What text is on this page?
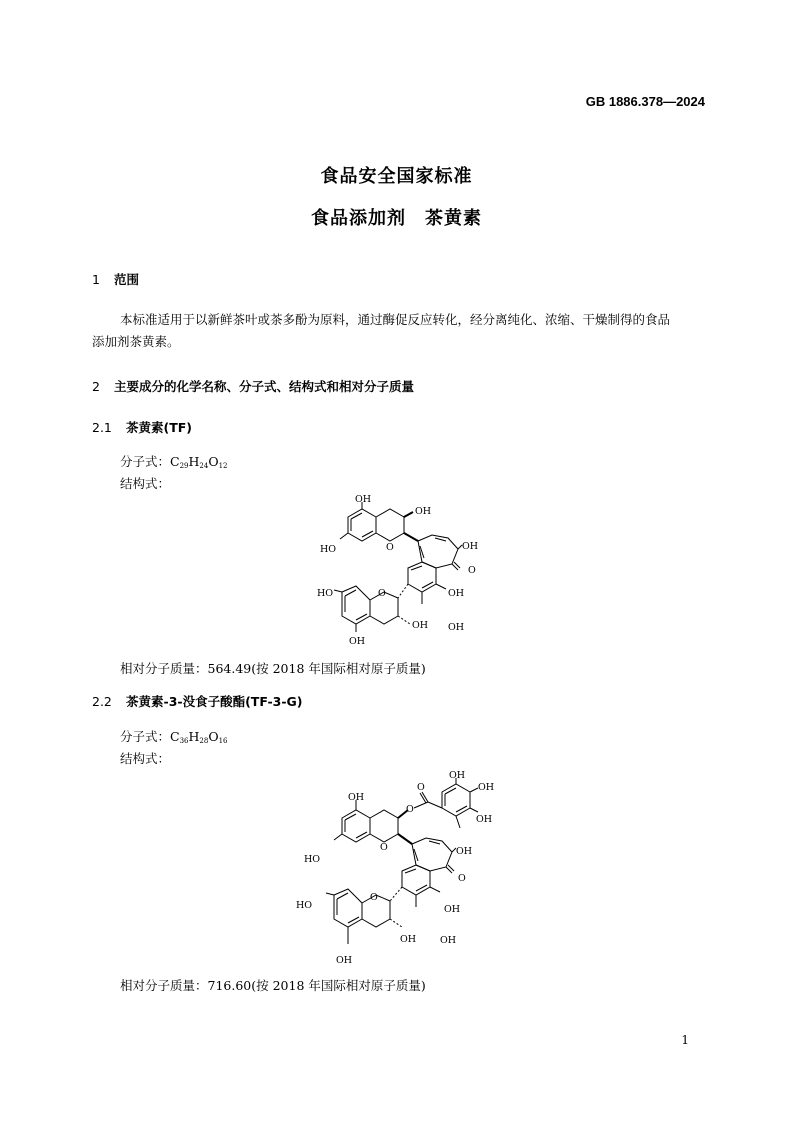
GB 1886.378—2024
食品安全国家标准
食品添加剂　茶黄素
1 范围
本标准适用于以新鲜茶叶或茶多酚为原料，通过酶促反应转化，经分离纯化、浓缩、干燥制得的食品
添加剂茶黄素。
2 主要成分的化学名称、分子式、结构式和相对分子质量
2.1 茶黄素(TF)
分子式：$C_{29}H_{24}O_{12}$
结构式：
OH
OH
HO	O	OH
O
OH
HO	O
OH OH
OH
相对分子质量：564.49(按 2018 年国际相对原子质量)
2.2 茶黄素-3-没食子酸酯(TF-3-G)
分子式：$C_{36}H_{28}O_{16}$
结构式：
OH
OH
OH
O
O
OH
HO
O	OH
O
OH
HO
O
OH	OH
OH
相对分子质量：716.60(按 2018 年国际相对原子质量)
1
